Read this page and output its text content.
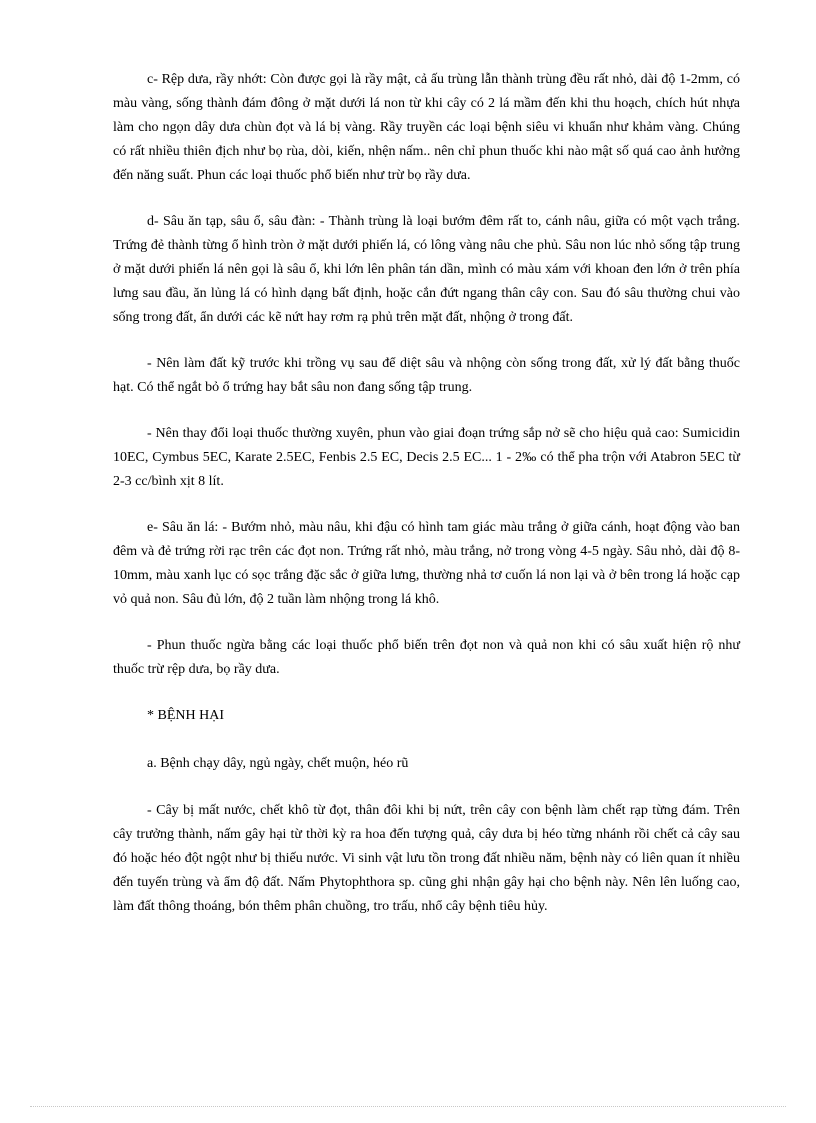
c- Rệp dưa, rầy nhớt: Còn được gọi là rầy mật, cả ấu trùng lẫn thành trùng đều rất nhỏ, dài độ 1-2mm, có màu vàng, sống thành đám đông ở mặt dưới lá non từ khi cây có 2 lá mầm đến khi thu hoạch, chích hút nhựa làm cho ngọn dây dưa chùn đọt và lá bị vàng. Rầy truyền các loại bệnh siêu vi khuẩn như khảm vàng. Chúng có rất nhiều thiên địch như bọ rùa, dòi, kiến, nhện nấm.. nên chỉ phun thuốc khi nào mật số quá cao ảnh hưởng đến năng suất. Phun các loại thuốc phổ biến như trừ bọ rầy dưa.

d- Sâu ăn tạp, sâu ổ, sâu đàn: - Thành trùng là loại bướm đêm rất to, cánh nâu, giữa có một vạch trắng. Trứng đẻ thành từng ổ hình tròn ở mặt dưới phiến lá, có lông vàng nâu che phủ. Sâu non lúc nhỏ sống tập trung ở mặt dưới phiến lá nên gọi là sâu ổ, khi lớn lên phân tán dần, mình có màu xám với khoan đen lớn ở trên phía lưng sau đầu, ăn lủng lá có hình dạng bất định, hoặc cắn đứt ngang thân cây con. Sau đó sâu thường chui vào sống trong đất, ẩn dưới các kẽ nứt hay rơm rạ phủ trên mặt đất, nhộng ở trong đất.

- Nên làm đất kỹ trước khi trồng vụ sau để diệt sâu và nhộng còn sống trong đất, xử lý đất bằng thuốc hạt. Có thể ngắt bỏ ổ trứng hay bắt sâu non đang sống tập trung.

- Nên thay đổi loại thuốc thường xuyên, phun vào giai đoạn trứng sắp nở sẽ cho hiệu quả cao: Sumicidin 10EC, Cymbus 5EC, Karate 2.5EC, Fenbis 2.5 EC, Decis 2.5 EC... 1 - 2‰ có thể pha trộn với Atabron 5EC từ 2-3 cc/bình xịt 8 lít.

e- Sâu ăn lá: - Bướm nhỏ, màu nâu, khi đậu có hình tam giác màu trắng ở giữa cánh, hoạt động vào ban đêm và đẻ trứng rời rạc trên các đọt non. Trứng rất nhỏ, màu trắng, nở trong vòng 4-5 ngày. Sâu nhỏ, dài độ 8-10mm, màu xanh lục có sọc trắng đặc sắc ở giữa lưng, thường nhả tơ cuốn lá non lại và ở bên trong lá hoặc cạp vỏ quả non. Sâu đủ lớn, độ 2 tuần làm nhộng trong lá khô.

- Phun thuốc ngừa bằng các loại thuốc phổ biến trên đọt non và quả non khi có sâu xuất hiện rộ như thuốc trừ rệp dưa, bọ rầy dưa.

* BỆNH HẠI

a. Bệnh chạy dây, ngủ ngày, chết muộn, héo rũ

- Cây bị mất nước, chết khô từ đọt, thân đôi khi bị nứt, trên cây con bệnh làm chết rạp từng đám. Trên cây trưởng thành, nấm gây hại từ thời kỳ ra hoa đến tượng quả, cây dưa bị héo từng nhánh rồi chết cả cây sau đó hoặc héo đột ngột như bị thiếu nước. Vi sinh vật lưu tồn trong đất nhiều năm, bệnh này có liên quan ít nhiều đến tuyến trùng và ẩm độ đất. Nấm Phytophthora sp. cũng ghi nhận gây hại cho bệnh này. Nên lên luống cao, làm đất thông thoáng, bón thêm phân chuồng, tro trấu, nhổ cây bệnh tiêu hủy.
